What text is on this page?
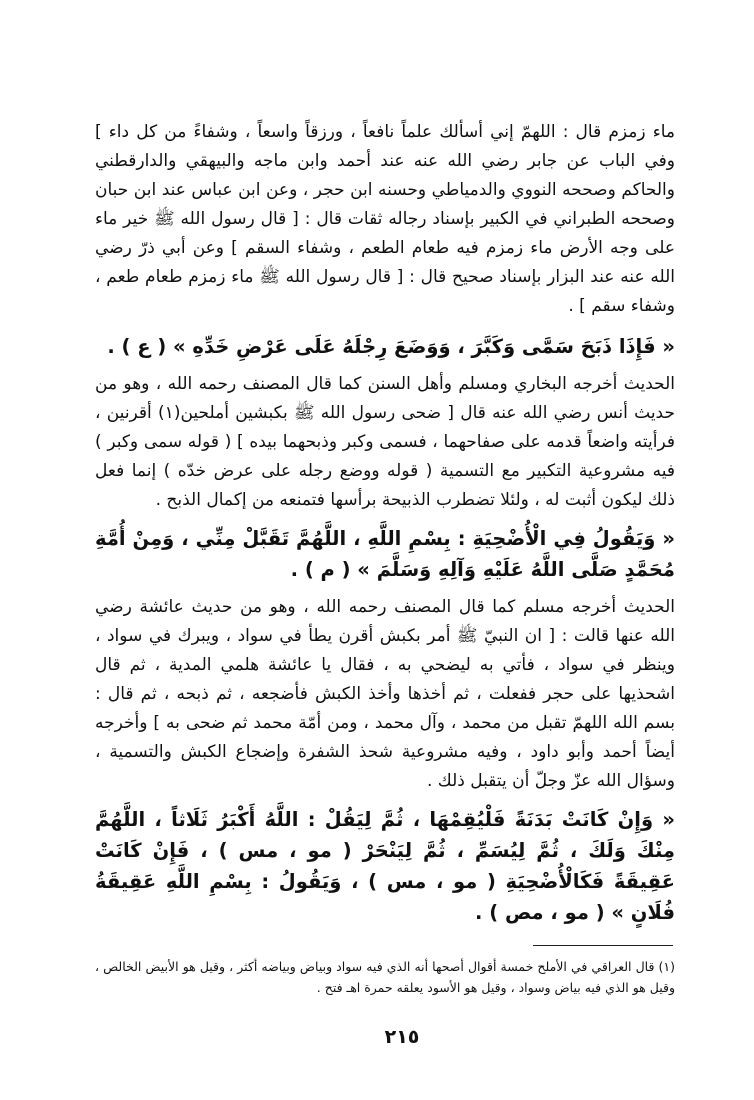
ماء زمزم قال : اللهمّ إني أسألك علماً نافعاً ، ورزقاً واسعاً ، وشفاءً من كل داء ] وفي الباب عن جابر رضي الله عنه عند أحمد وابن ماجه والبيهقي والدارقطني والحاكم وصححه النووي والدمياطي وحسنه ابن حجر ، وعن ابن عباس عند ابن حبان وصححه الطبراني في الكبير بإسناد رجاله ثقات قال : [ قال رسول الله ﷺ خير ماء على وجه الأرض ماء زمزم فيه طعام الطعم ، وشفاء السقم ] وعن أبي ذرّ رضي الله عنه عند البزار بإسناد صحيح قال : [ قال رسول الله ﷺ ماء زمزم طعام طعم ، وشفاء سقم ] .

« فَإِذَا ذَبَحَ سَمَّى وَكَبَّرَ ، وَوَضَعَ رِجْلَهُ عَلَى عَرْضِ خَدِّهِ » ( ع ) .

الحديث أخرجه البخاري ومسلم وأهل السنن كما قال المصنف رحمه الله ، وهو من حديث أنس رضي الله عنه قال [ ضحى رسول الله ﷺ بكبشين أملحين(١) أقرنين ، فرأيته واضعاً قدمه على صفاحهما ، فسمى وكبر وذبحهما بيده ] ( قوله سمى وكبر ) فيه مشروعية التكبير مع التسمية ( قوله ووضع رجله على عرض خدّه ) إنما فعل ذلك ليكون أثبت له ، ولئلا تضطرب الذبيحة برأسها فتمنعه من إكمال الذبح .

« وَيَقُولُ فِي الْأُضْحِيَةِ : بِسْمِ اللَّهِ ، اللَّهُمَّ تَقَبَّلْ مِنِّي ، وَمِنْ أُمَّةِ مُحَمَّدٍ صَلَّى اللَّهُ عَلَيْهِ وَآلِهِ وَسَلَّمَ » ( م ) .

الحديث أخرجه مسلم كما قال المصنف رحمه الله ، وهو من حديث عائشة رضي الله عنها قالت : [ ان النبيّ ﷺ أمر بكبش أقرن يطأ في سواد ، ويبرك في سواد ، وينظر في سواد ، فأتي به ليضحي به ، فقال يا عائشة هلمي المدية ، ثم قال اشحذيها على حجر ففعلت ، ثم أخذها وأخذ الكبش فأضجعه ، ثم ذبحه ، ثم قال : بسم الله اللهمّ تقبل من محمد ، وآل محمد ، ومن أمّة محمد ثم ضحى به ] وأخرجه أيضاً أحمد وأبو داود ، وفيه مشروعية شحذ الشفرة وإضجاع الكبش والتسمية ، وسؤال الله عزّ وجلّ أن يتقبل ذلك .

« وَإِنْ كَانَتْ بَدَنَةً فَلْيُقِمْهَا ، ثُمَّ لِيَقُلْ : اللَّهُ أَكْبَرُ ثَلَاثاً ، اللَّهُمَّ مِنْكَ وَلَكَ ، ثُمَّ لِيُسَمِّ ، ثُمَّ لِيَنْحَرْ ( مو ، مس ) ، فَإِنْ كَانَتْ عَقِيقَةً فَكَالْأُضْحِيَةِ ( مو ، مس ) ، وَيَقُولُ : بِسْمِ اللَّهِ عَقِيقَةُ فُلَانٍ » ( مو ، مص ) .

(١) قال العراقي في الأملح خمسة أقوال أصحها أنه الذي فيه سواد وبياض وبياضه أكثر ، وقيل هو الأبيض الخالص ، وقيل هو الذي فيه بياض وسواد ، وقيل هو الأسود يعلقه حمرة اهـ فتح .

٢١٥
